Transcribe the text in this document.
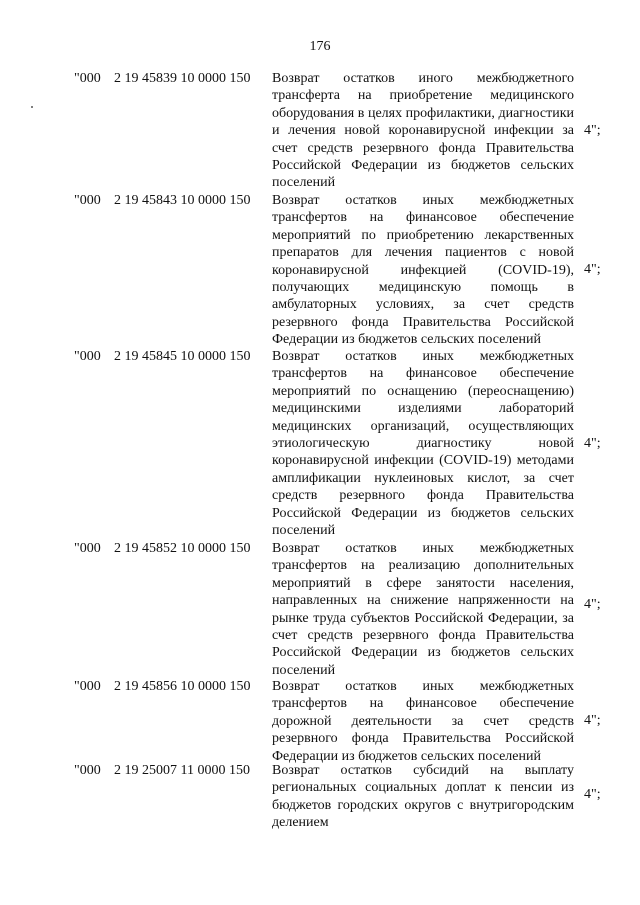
176
"000 2 19 45839 10 0000 150 Возврат остатков иного межбюджетного трансферта на приобретение медицинского оборудования в целях профилактики, диагностики и лечения новой коронавирусной инфекции за счет средств резервного фонда Правительства Российской Федерации из бюджетов сельских поселений
4";
"000 2 19 45843 10 0000 150 Возврат остатков иных межбюджетных трансфертов на финансовое обеспечение мероприятий по приобретению лекарственных препаратов для лечения пациентов с новой коронавирусной инфекцией (COVID-19), получающих медицинскую помощь в амбулаторных условиях, за счет средств резервного фонда Правительства Российской Федерации из бюджетов сельских поселений
4";
"000 2 19 45845 10 0000 150 Возврат остатков иных межбюджетных трансфертов на финансовое обеспечение мероприятий по оснащению (переоснащению) медицинскими изделиями лабораторий медицинских организаций, осуществляющих этиологическую диагностику новой коронавирусной инфекции (COVID-19) методами амплификации нуклеиновых кислот, за счет средств резервного фонда Правительства Российской Федерации из бюджетов сельских поселений
4";
"000 2 19 45852 10 0000 150 Возврат остатков иных межбюджетных трансфертов на реализацию дополнительных мероприятий в сфере занятости населения, направленных на снижение напряженности на рынке труда субъектов Российской Федерации, за счет средств резервного фонда Правительства Российской Федерации из бюджетов сельских поселений
4";
"000 2 19 45856 10 0000 150 Возврат остатков иных межбюджетных трансфертов на финансовое обеспечение дорожной деятельности за счет средств резервного фонда Правительства Российской Федерации из бюджетов сельских поселений
4";
"000 2 19 25007 11 0000 150 Возврат остатков субсидий на выплату региональных социальных доплат к пенсии из бюджетов городских округов с внутригородским делением
4";
